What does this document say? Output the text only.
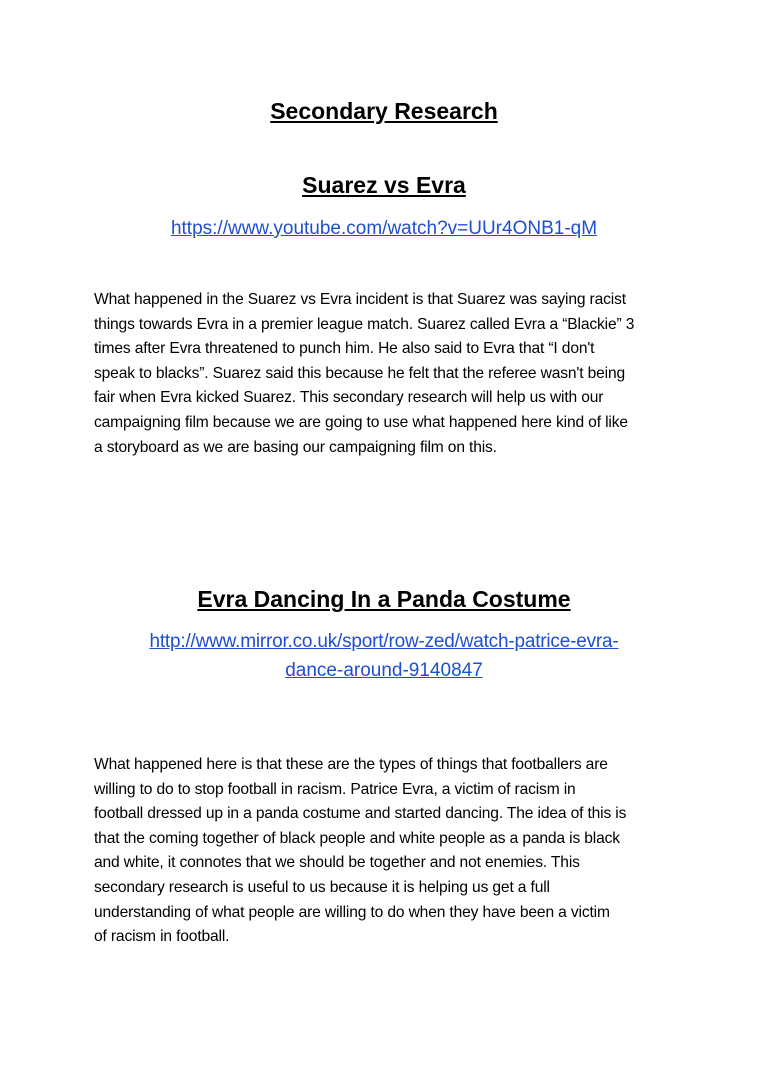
Secondary Research
Suarez vs Evra
https://www.youtube.com/watch?v=UUr4ONB1-qM
What happened in the Suarez vs Evra incident is that Suarez was saying racist
things towards Evra in a premier league match. Suarez called Evra a “Blackie” 3
times after Evra threatened to punch him. He also said to Evra that “I don't
speak to blacks”. Suarez said this because he felt that the referee wasn't being
fair when Evra kicked Suarez. This secondary research will help us with our
campaigning film because we are going to use what happened here kind of like
a storyboard as we are basing our campaigning film on this.
Evra Dancing In a Panda Costume
http://www.mirror.co.uk/sport/row-zed/watch-patrice-evra-
dance-around-9140847
What happened here is that these are the types of things that footballers are
willing to do to stop football in racism. Patrice Evra, a victim of racism in
football dressed up in a panda costume and started dancing. The idea of this is
that the coming together of black people and white people as a panda is black
and white, it connotes that we should be together and not enemies. This
secondary research is useful to us because it is helping us get a full
understanding of what people are willing to do when they have been a victim
of racism in football.
